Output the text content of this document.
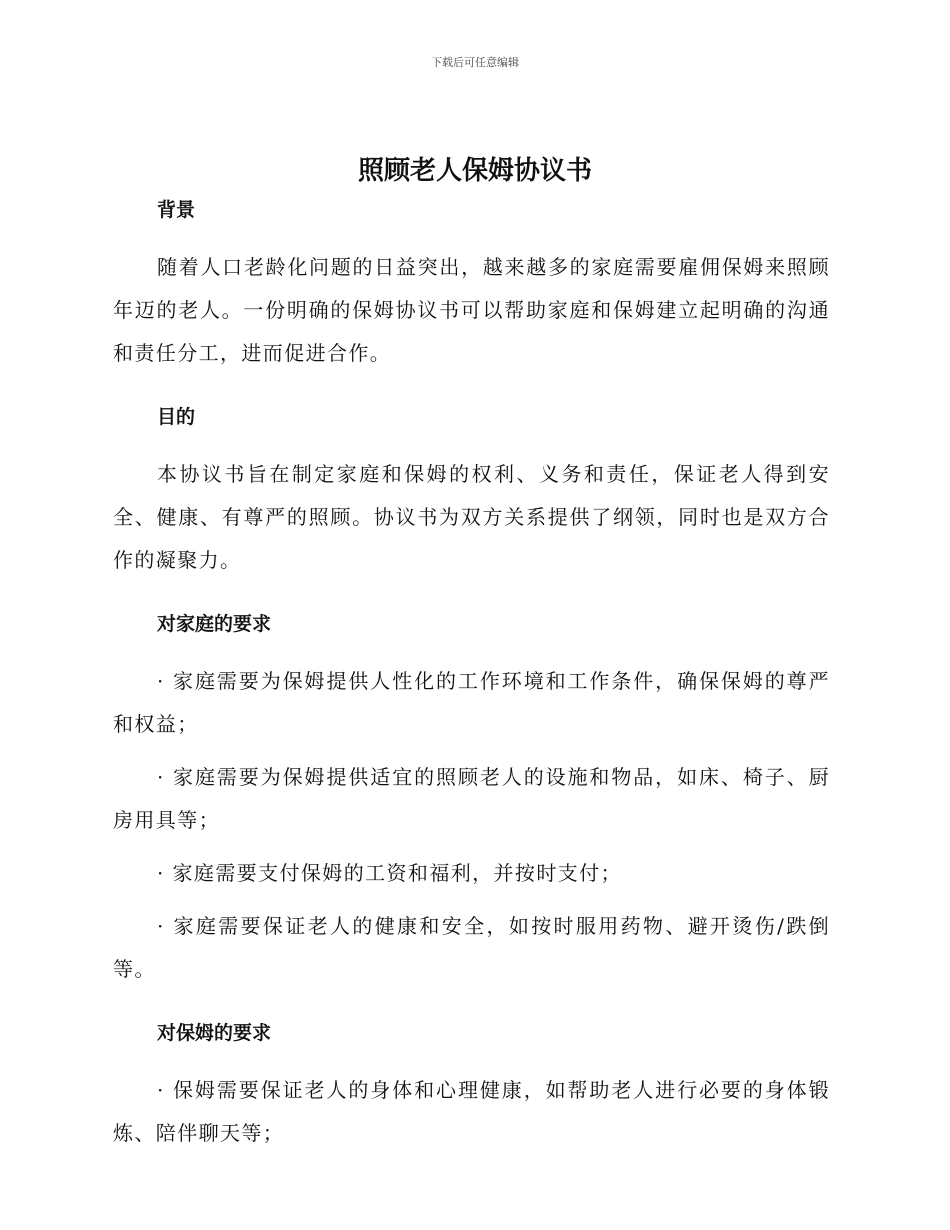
下载后可任意编辑
照顾老人保姆协议书
背景

随着人口老龄化问题的日益突出，越来越多的家庭需要雇佣保姆来照顾年迈的老人。一份明确的保姆协议书可以帮助家庭和保姆建立起明确的沟通和责任分工，进而促进合作。

目的

本协议书旨在制定家庭和保姆的权利、义务和责任，保证老人得到安全、健康、有尊严的照顾。协议书为双方关系提供了纲领，同时也是双方合作的凝聚力。

对家庭的要求

· 家庭需要为保姆提供人性化的工作环境和工作条件，确保保姆的尊严和权益；

· 家庭需要为保姆提供适宜的照顾老人的设施和物品，如床、椅子、厨房用具等；

· 家庭需要支付保姆的工资和福利，并按时支付；

· 家庭需要保证老人的健康和安全，如按时服用药物、避开烫伤/跌倒等。

对保姆的要求

· 保姆需要保证老人的身体和心理健康，如帮助老人进行必要的身体锻炼、陪伴聊天等；
